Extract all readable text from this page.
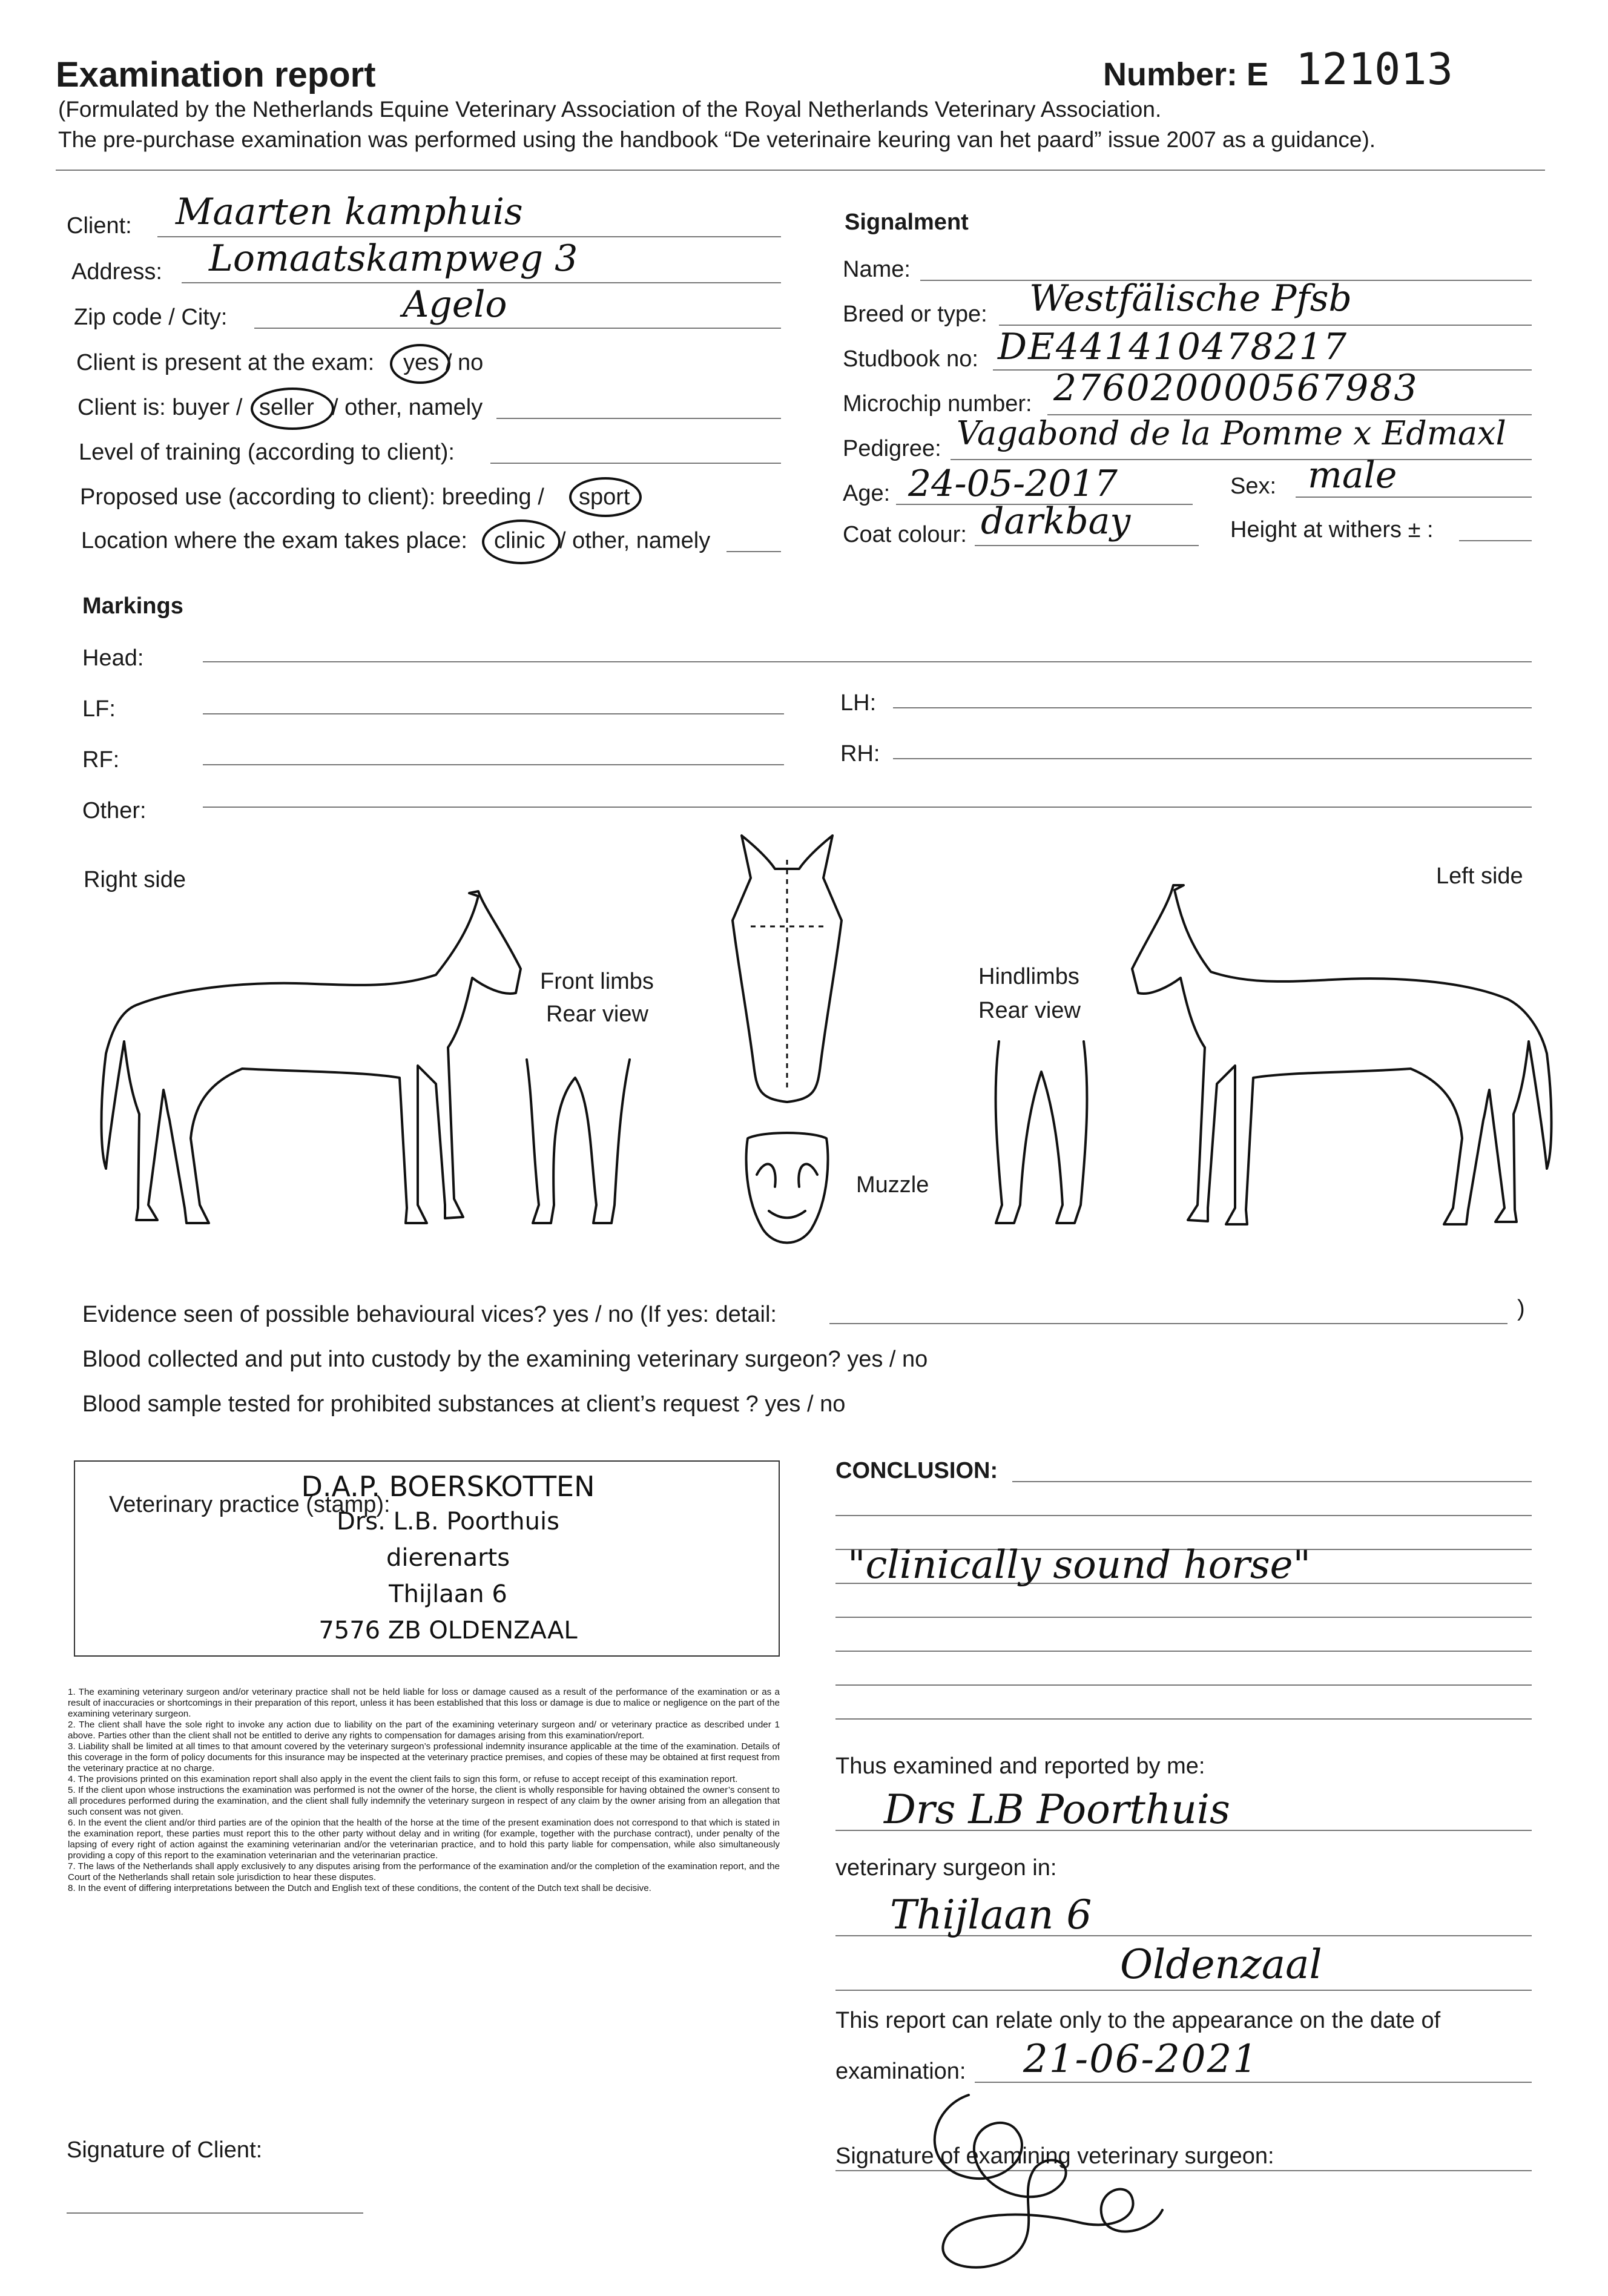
Examination report	Number: E 121013
(Formulated by the Netherlands Equine Veterinary Association of the Royal Netherlands Veterinary Association.
The pre-purchase examination was performed using the handbook “De veterinaire keuring van het paard” issue 2007 as a guidance).
Client: Maarten kamphuis
Address: Lomaatskampweg 3
Zip code / City:	Agelo
Client is present at the exam: yes / no
Client is: buyer / seller / other, namely
Level of training (according to client):
Proposed use (according to client): breeding / sport
Location where the exam takes place: clinic / other, namely
Signalment
Name:
Breed or type: Westfälische Pfsb
Studbook no: DE441410478217
Microchip number: 276020000567983
Pedigree: Vagabond de la Pomme x Edmaxl
Age: 24-05-2017	Sex: male
Coat colour: darkbay	Height at withers ± :
Markings
Head:
LF:	LH:
RF:	RH:
Other:
Right side	Left side
Front limbs
Rear view
Hindlimbs
Rear view
Muzzle
Evidence seen of possible behavioural vices? yes / no (If yes: detail:	)
Blood collected and put into custody by the examining veterinary surgeon? yes / no
Blood sample tested for prohibited substances at client’s request ? yes / no
Veterinary practice (stamp):
D.A.P. BOERSKOTTEN
Drs. L.B. Poorthuis
dierenarts
Thijlaan 6
7576 ZB OLDENZAAL

1. The examining veterinary surgeon and/or veterinary practice shall not be held liable for loss or damage caused as a result of the performance of the examination or as a result of inaccuracies or shortcomings in their preparation of this report, unless it has been established that this loss or damage is due to malice or negligence on the part of the examining veterinary surgeon.

2. The client shall have the sole right to invoke any action due to liability on the part of the examining veterinary surgeon and/ or veterinary practice as described under 1 above. Parties other than the client shall not be entitled to derive any rights to compensation for damages arising from this examination/report.

3. Liability shall be limited at all times to that amount covered by the veterinary surgeon’s professional indemnity insurance applicable at the time of the examination. Details of this coverage in the form of policy documents for this insurance may be inspected at the veterinary practice premises, and copies of these may be obtained at first request from the veterinary practice at no charge.

4. The provisions printed on this examination report shall also apply in the event the client fails to sign this form, or refuse to accept receipt of this examination report.

5. If the client upon whose instructions the examination was performed is not the owner of the horse, the client is wholly responsible for having obtained the owner’s consent to all procedures performed during the examination, and the client shall fully indemnify the veterinary surgeon in respect of any claim by the owner arising from an allegation that such consent was not given.

6. In the event the client and/or third parties are of the opinion that the health of the horse at the time of the present examination does not correspond to that which is stated in the examination report, these parties must report this to the other party without delay and in writing (for example, together with the purchase contract), under penalty of the lapsing of every right of action against the examining veterinarian and/or the veterinarian practice, and to hold this party liable for compensation, while also simultaneously providing a copy of this report to the examination veterinarian and the veterinarian practice.

7. The laws of the Netherlands shall apply exclusively to any disputes arising from the performance of the examination and/or the completion of the examination report, and the Court of the Netherlands shall retain sole jurisdiction to hear these disputes.

8. In the event of differing interpretations between the Dutch and English text of these conditions, the content of the Dutch text shall be decisive.

Signature of Client:
CONCLUSION:
"clinically sound horse"
Thus examined and reported by me:
Drs LB Poorthuis
veterinary surgeon in:
Thijlaan 6
Oldenzaal
This report can relate only to the appearance on the date of
examination: 21-06-2021
Signature of examining veterinary surgeon:
